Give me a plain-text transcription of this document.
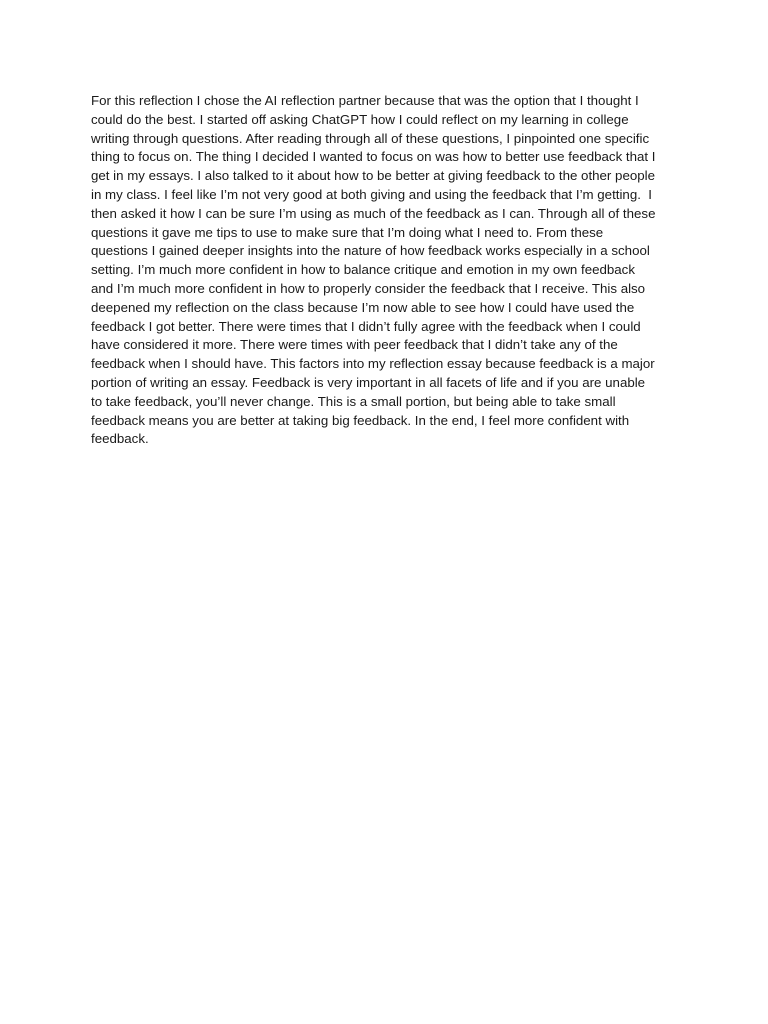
For this reflection I chose the AI reflection partner because that was the option that I thought I
could do the best. I started off asking ChatGPT how I could reflect on my learning in college
writing through questions. After reading through all of these questions, I pinpointed one specific
thing to focus on. The thing I decided I wanted to focus on was how to better use feedback that I
get in my essays. I also talked to it about how to be better at giving feedback to the other people
in my class. I feel like I’m not very good at both giving and using the feedback that I’m getting.  I
then asked it how I can be sure I’m using as much of the feedback as I can. Through all of these
questions it gave me tips to use to make sure that I’m doing what I need to. From these
questions I gained deeper insights into the nature of how feedback works especially in a school
setting. I’m much more confident in how to balance critique and emotion in my own feedback
and I’m much more confident in how to properly consider the feedback that I receive. This also
deepened my reflection on the class because I’m now able to see how I could have used the
feedback I got better. There were times that I didn’t fully agree with the feedback when I could
have considered it more. There were times with peer feedback that I didn’t take any of the
feedback when I should have. This factors into my reflection essay because feedback is a major
portion of writing an essay. Feedback is very important in all facets of life and if you are unable
to take feedback, you’ll never change. This is a small portion, but being able to take small
feedback means you are better at taking big feedback. In the end, I feel more confident with
feedback.
